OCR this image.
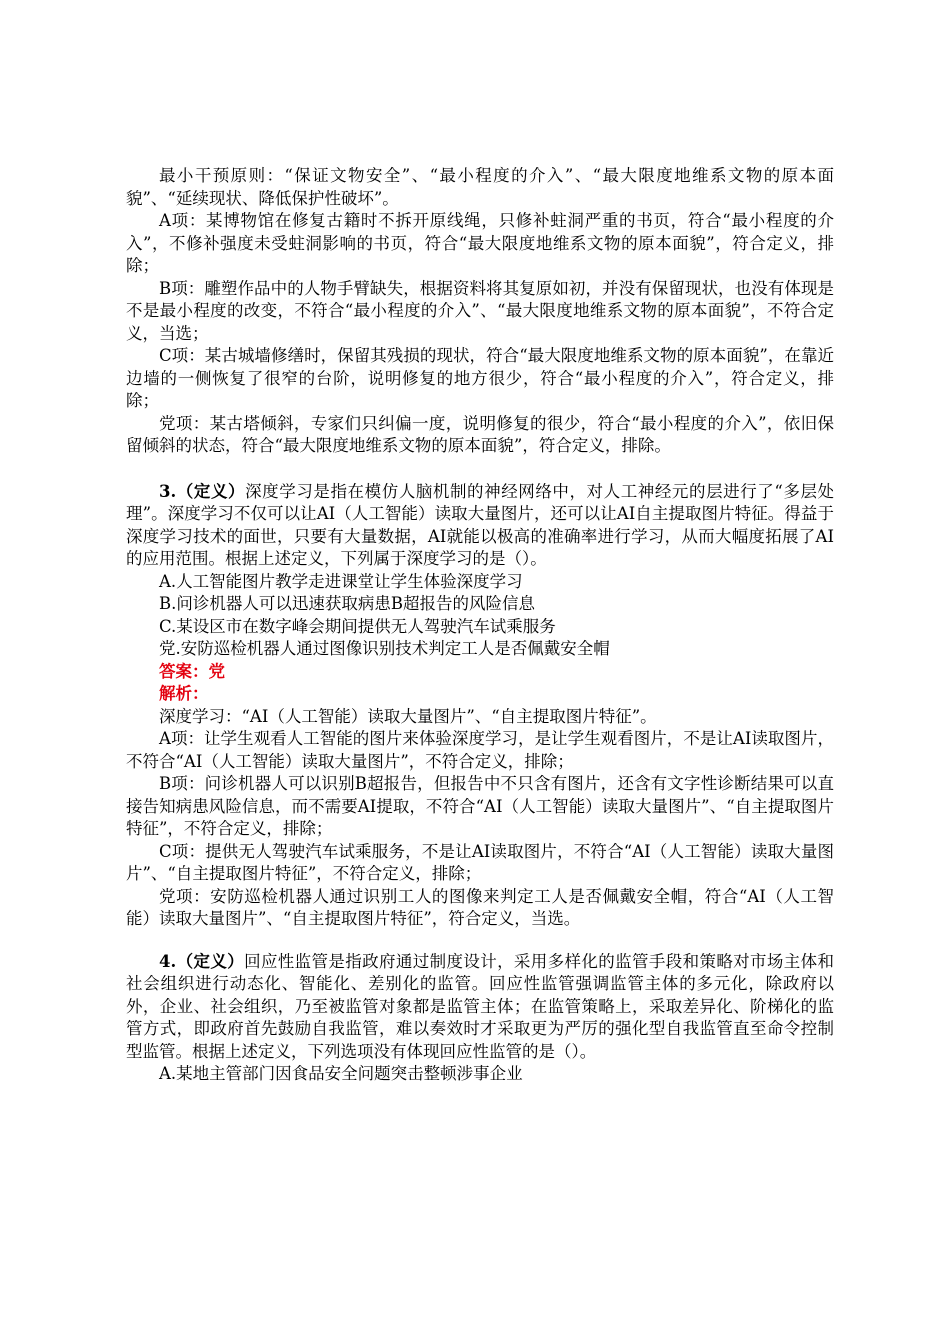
最小干预原则：“保证文物安全”、“最小程度的介入”、“最大限度地维系文物的原本面貌”、“延续现状、降低保护性破坏”。

A项：某博物馆在修复古籍时不拆开原线绳，只修补蛀洞严重的书页，符合“最小程度的介入”，不修补强度未受蛀洞影响的书页，符合“最大限度地维系文物的原本面貌”，符合定义，排除；

B项：雕塑作品中的人物手臂缺失，根据资料将其复原如初，并没有保留现状，也没有体现是不是最小程度的改变，不符合“最小程度的介入”、“最大限度地维系文物的原本面貌”，不符合定义，当选；

C项：某古城墙修缮时，保留其残损的现状，符合“最大限度地维系文物的原本面貌”，在靠近边墙的一侧恢复了很窄的台阶，说明修复的地方很少，符合“最小程度的介入”，符合定义，排除；

党项：某古塔倾斜，专家们只纠偏一度，说明修复的很少，符合“最小程度的介入”，依旧保留倾斜的状态，符合“最大限度地维系文物的原本面貌”，符合定义，排除。

3.（定义）深度学习是指在模仿人脑机制的神经网络中，对人工神经元的层进行了“多层处理”。深度学习不仅可以让AI（人工智能）读取大量图片，还可以让AI自主提取图片特征。得益于深度学习技术的面世，只要有大量数据，AI就能以极高的准确率进行学习，从而大幅度拓展了AI的应用范围。根据上述定义，下列属于深度学习的是（）。

A.人工智能图片教学走进课堂让学生体验深度学习

B.问诊机器人可以迅速获取病患B超报告的风险信息

C.某设区市在数字峰会期间提供无人驾驶汽车试乘服务

党.安防巡检机器人通过图像识别技术判定工人是否佩戴安全帽

答案：党

解析：

深度学习：“AI（人工智能）读取大量图片”、“自主提取图片特征”。

A项：让学生观看人工智能的图片来体验深度学习，是让学生观看图片，不是让AI读取图片，不符合“AI（人工智能）读取大量图片”，不符合定义，排除；

B项：问诊机器人可以识别B超报告，但报告中不只含有图片，还含有文字性诊断结果可以直接告知病患风险信息，而不需要AI提取，不符合“AI（人工智能）读取大量图片”、“自主提取图片特征”，不符合定义，排除；

C项：提供无人驾驶汽车试乘服务，不是让AI读取图片，不符合“AI（人工智能）读取大量图片”、“自主提取图片特征”，不符合定义，排除；

党项：安防巡检机器人通过识别工人的图像来判定工人是否佩戴安全帽，符合“AI（人工智能）读取大量图片”、“自主提取图片特征”，符合定义，当选。

4.（定义）回应性监管是指政府通过制度设计，采用多样化的监管手段和策略对市场主体和社会组织进行动态化、智能化、差别化的监管。回应性监管强调监管主体的多元化，除政府以外，企业、社会组织，乃至被监管对象都是监管主体；在监管策略上，采取差异化、阶梯化的监管方式，即政府首先鼓励自我监管，难以奏效时才采取更为严厉的强化型自我监管直至命令控制型监管。根据上述定义，下列选项没有体现回应性监管的是（）。

A.某地主管部门因食品安全问题突击整顿涉事企业
